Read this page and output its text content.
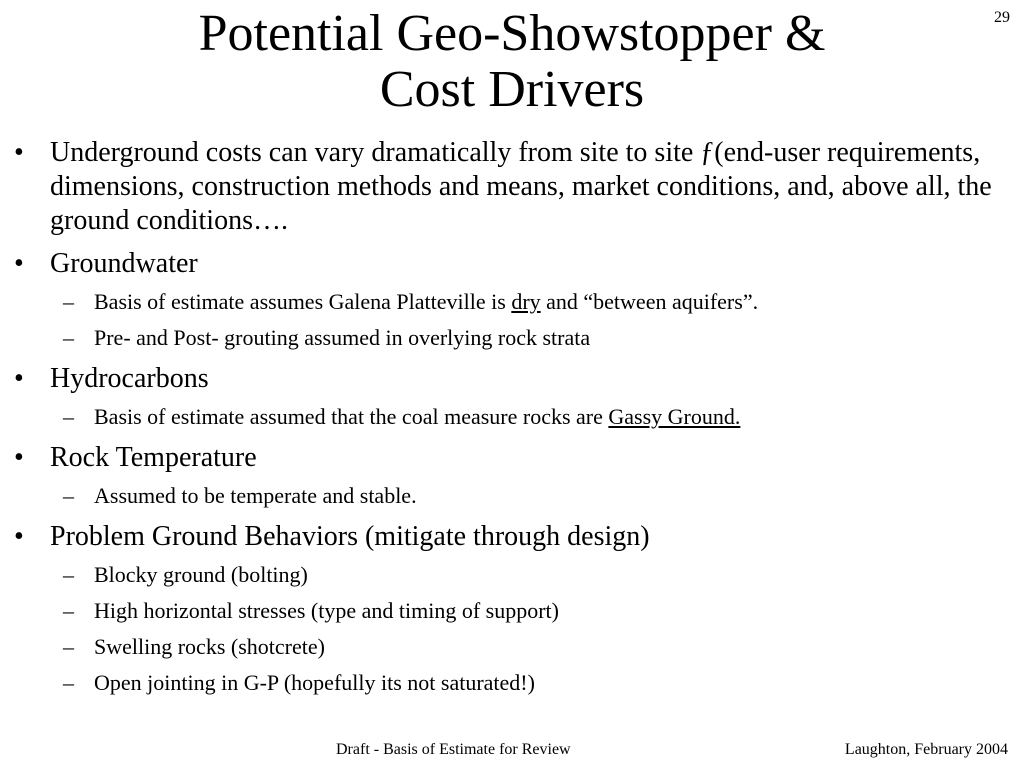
29
Potential Geo-Showstopper &
Cost Drivers
• Underground costs can vary dramatically from site to site ƒ(end-user requirements, dimensions, construction methods and means, market conditions, and, above all, the ground conditions….
• Groundwater
– Basis of estimate assumes Galena Platteville is dry and “between aquifers”.
– Pre- and Post- grouting assumed in overlying rock strata
• Hydrocarbons
– Basis of estimate assumed that the coal measure rocks are Gassy Ground.
• Rock Temperature
– Assumed to be temperate and stable.
• Problem Ground Behaviors (mitigate through design)
– Blocky ground (bolting)
– High horizontal stresses (type and timing of support)
– Swelling rocks (shotcrete)
– Open jointing in G-P (hopefully its not saturated!)
Draft - Basis of Estimate for Review	Laughton, February 2004
